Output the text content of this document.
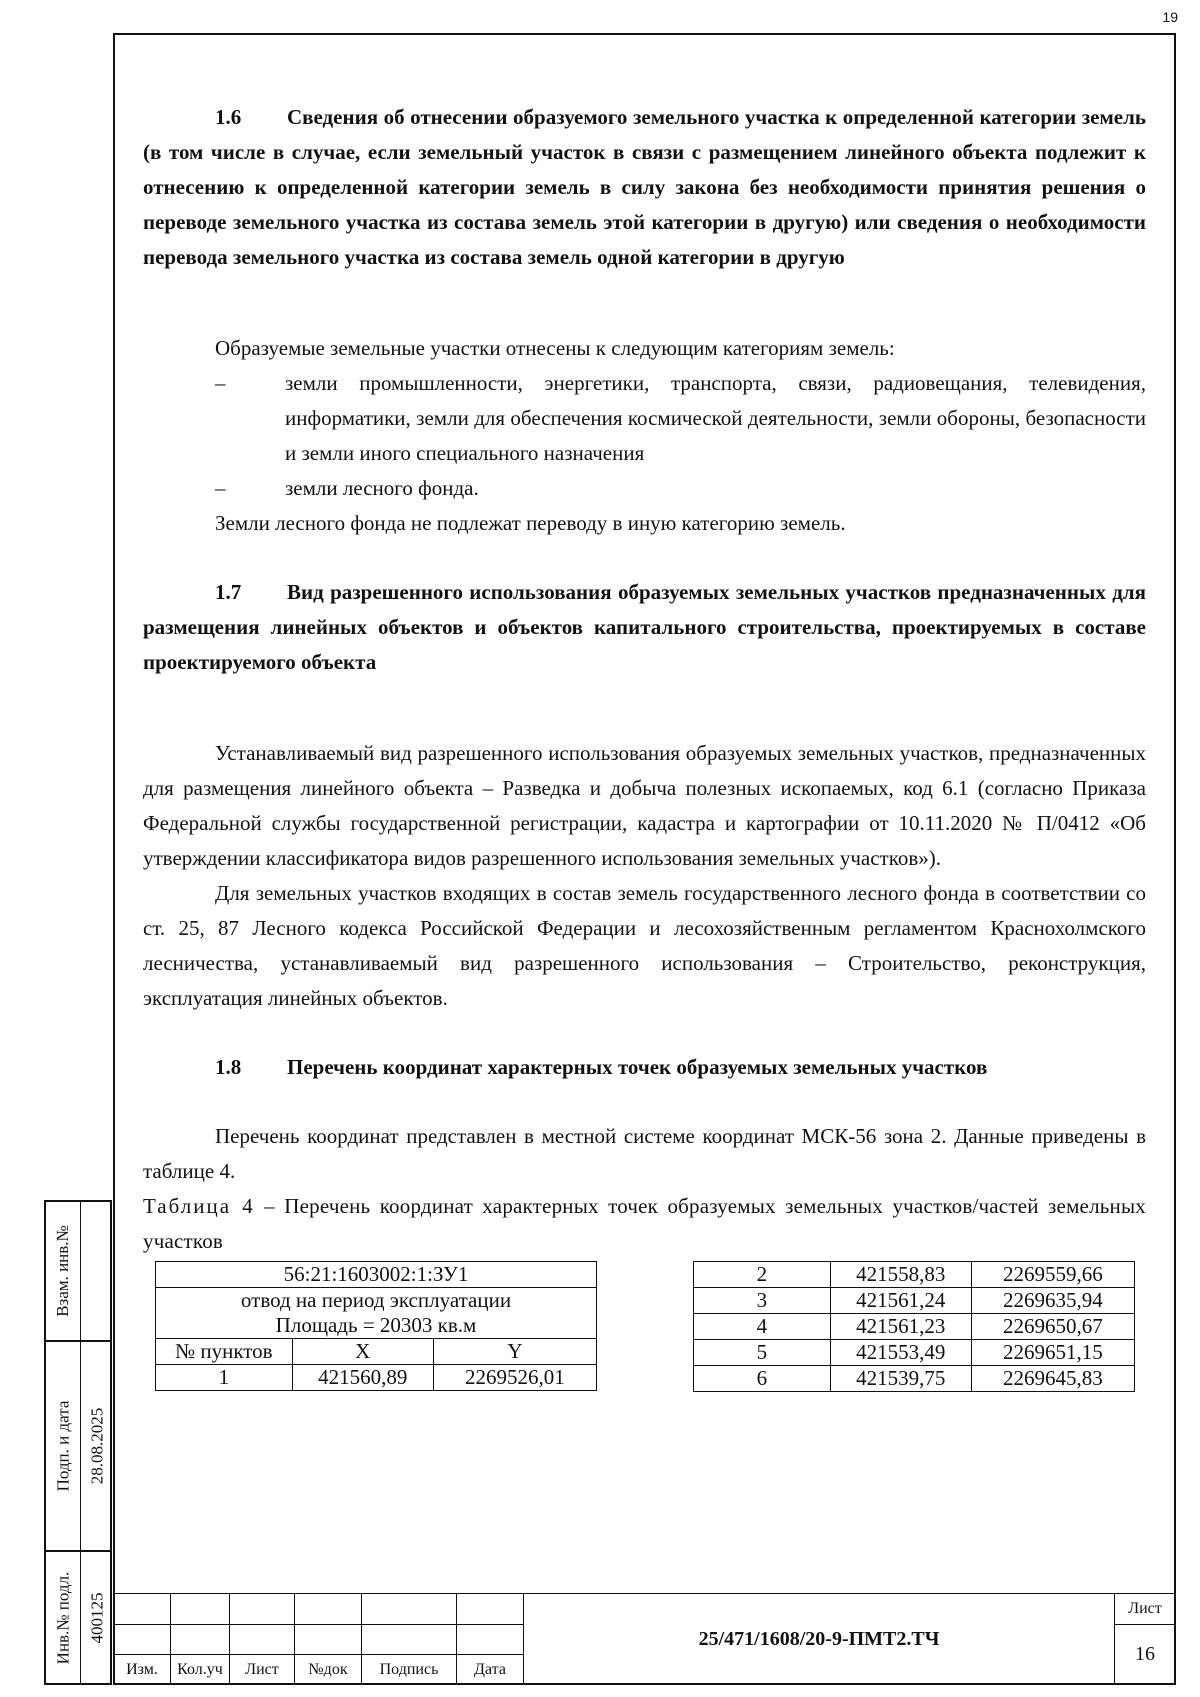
19
1.6 Сведения об отнесении образуемого земельного участка к определенной категории земель (в том числе в случае, если земельный участок в связи с размещением линейного объекта подлежит к отнесению к определенной категории земель в силу закона без необходимости принятия решения о переводе земельного участка из состава земель этой категории в другую) или сведения о необходимости перевода земельного участка из состава земель одной категории в другую

Образуемые земельные участки отнесены к следующим категориям земель:

–	земли промышленности, энергетики, транспорта, связи, радиовещания, телевидения, информатики, земли для обеспечения космической деятельности, земли обороны, безопасности и земли иного специального назначения
–	земли лесного фонда.

Земли лесного фонда не подлежат переводу в иную категорию земель.

1.7 Вид разрешенного использования образуемых земельных участков предназначенных для размещения линейных объектов и объектов капитального строительства, проектируемых в составе проектируемого объекта

Устанавливаемый вид разрешенного использования образуемых земельных участков, предназначенных для размещения линейного объекта – Разведка и добыча полезных ископаемых, код 6.1 (согласно Приказа Федеральной службы государственной регистрации, кадастра и картографии от 10.11.2020 № П/0412 «Об утверждении классификатора видов разрешенного использования земельных участков»).

Для земельных участков входящих в состав земель государственного лесного фонда в соответствии со ст. 25, 87 Лесного кодекса Российской Федерации и лесохозяйственным регламентом Краснохолмского лесничества, устанавливаемый вид разрешенного использования – Строительство, реконструкция, эксплуатация линейных объектов.

1.8 Перечень координат характерных точек образуемых земельных участков

Перечень координат представлен в местной системе координат МСК-56 зона 2. Данные приведены в таблице 4.

Таблица 4 – Перечень координат характерных точек образуемых земельных участков/частей земельных участков

56:21:1603002:1:ЗУ1		
отвод на период эксплуатации		
Площадь = 20303 кв.м		
№ пунктов	X	Y
1	421560,89	2269526,01
2	421558,83	2269559,66
3	421561,24	2269635,94
4	421561,23	2269650,67
5	421553,49	2269651,15
6	421539,75	2269645,83
Взам. инв.№
Подп. и дата 28.08.2025
Инв.№ подл. 400125
							25/471/1608/20-9-ПМТ2.ТЧ	Лист
							16
Изм.	Кол.уч	Лист	№док	Подпись	Дата		
